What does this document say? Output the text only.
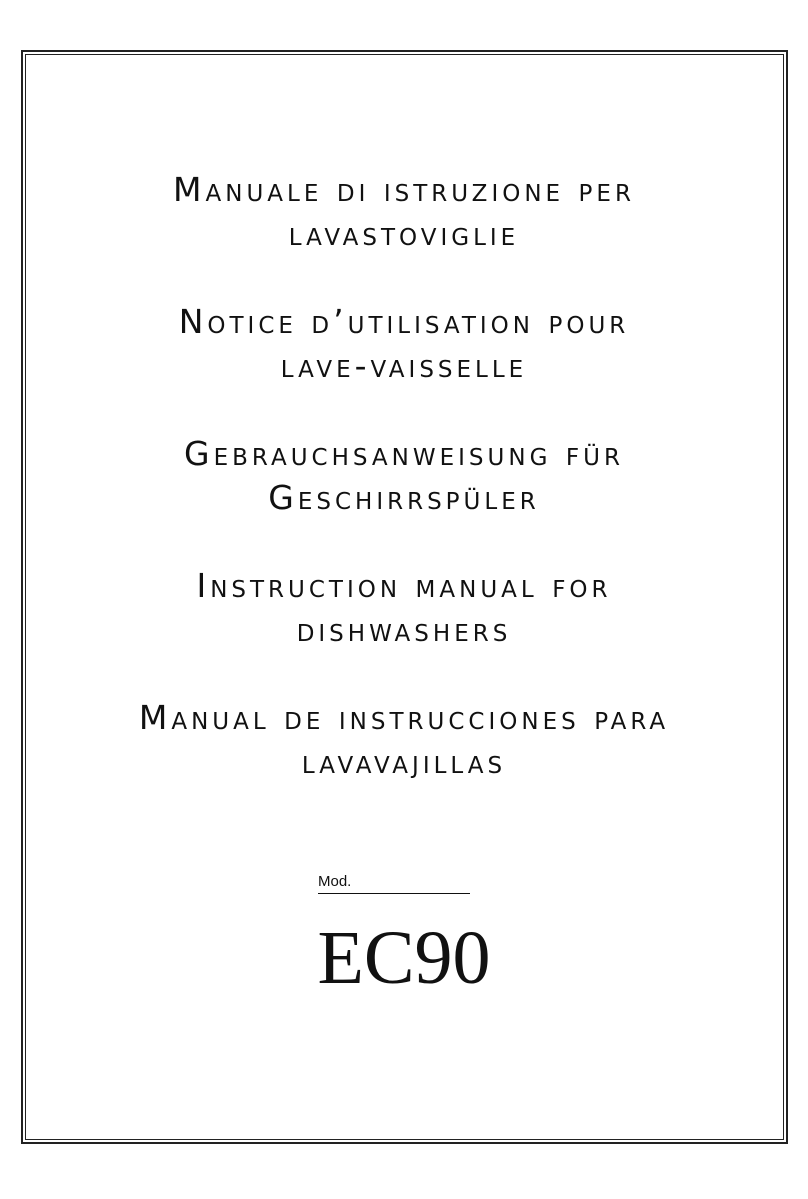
Manuale di istruzione per
lavastoviglie
Notice d’utilisation pour
lave-vaisselle
Gebrauchsanweisung für
Geschirrspüler
Instruction manual for
dishwashers
Manual de instrucciones para
lavavajillas
Mod.
EC90
